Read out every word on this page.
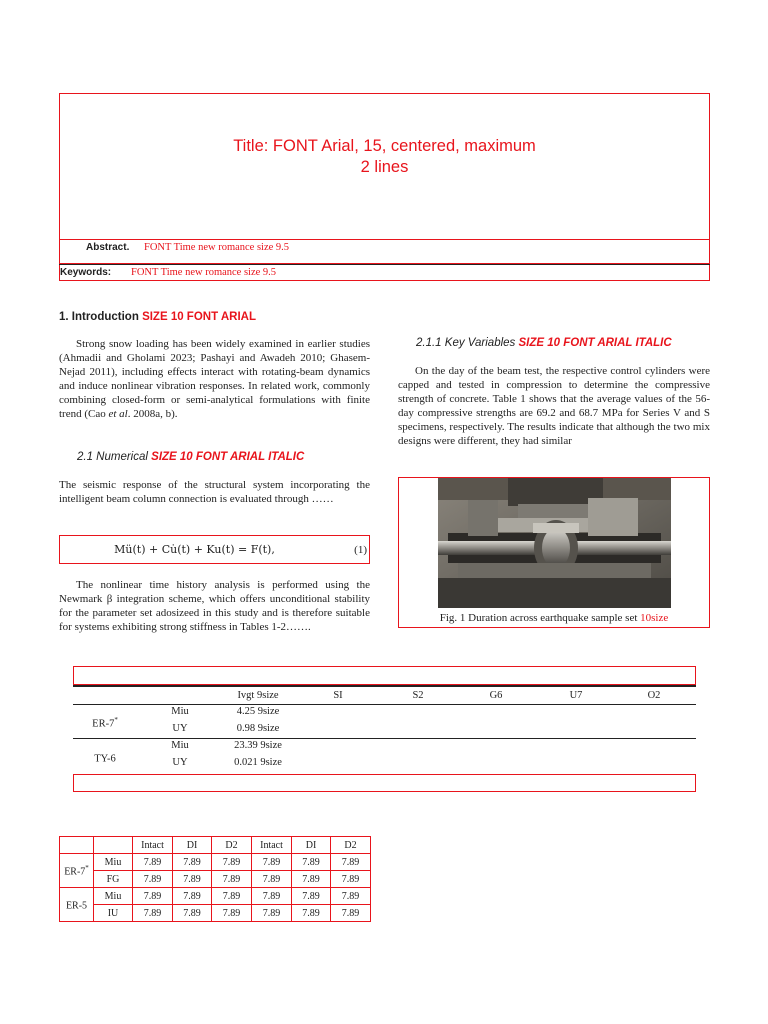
Title: FONT Arial, 15, centered, maximum
2 lines
Abstract. FONT Time new romance size 9.5
Keywords: FONT Time new romance size 9.5
1. Introduction SIZE 10 FONT ARIAL
Strong snow loading has been widely examined in earlier studies (Ahmadii and Gholami 2023; Pashayi and Awadeh 2010; Ghasem-Nejad 2011), including effects interact with rotating-beam dynamics and induce nonlinear vibration responses. In related work, commonly combining closed-form or semi-analytical formulations with finite trend (Cao et al. 2008a, b).
2.1 Numerical SIZE 10 FONT ARIAL ITALIC
The seismic response of the structural system incorporating the intelligent beam column connection is evaluated through ……
Mü(t) + Cu̇(t) + Ku(t) = F(t),	(1)
The nonlinear time history analysis is performed using the Newmark β integration scheme, which offers unconditional stability for the parameter set adosizeed in this study and is therefore suitable for systems exhibiting strong stiffness in Tables 1-2…….
2.1.1 Key Variables SIZE 10 FONT ARIAL ITALIC
On the day of the beam test, the respective control cylinders were capped and tested in compression to determine the compressive strength of concrete. Table 1 shows that the average values of the 56-day compressive strengths are 69.2 and 68.7 MPa for Series V and S specimens, respectively. The results indicate that although the two mix designs were different, they had similar
Fig. 1 Duration across earthquake sample set 10size
Ivgt 9size	SI	S2	G6	U7	O2
ER-7*
Miu	4.25 9size
UY	0.98 9size
TY-6
Miu	23.39 9size
UY	0.021 9size
		Intact	DI	D2	Intact	DI	D2
ER-7*	Miu	7.89	7.89	7.89	7.89	7.89	7.89
	FG	7.89	7.89	7.89	7.89	7.89	7.89
ER-5	Miu	7.89	7.89	7.89	7.89	7.89	7.89
	IU	7.89	7.89	7.89	7.89	7.89	7.89
